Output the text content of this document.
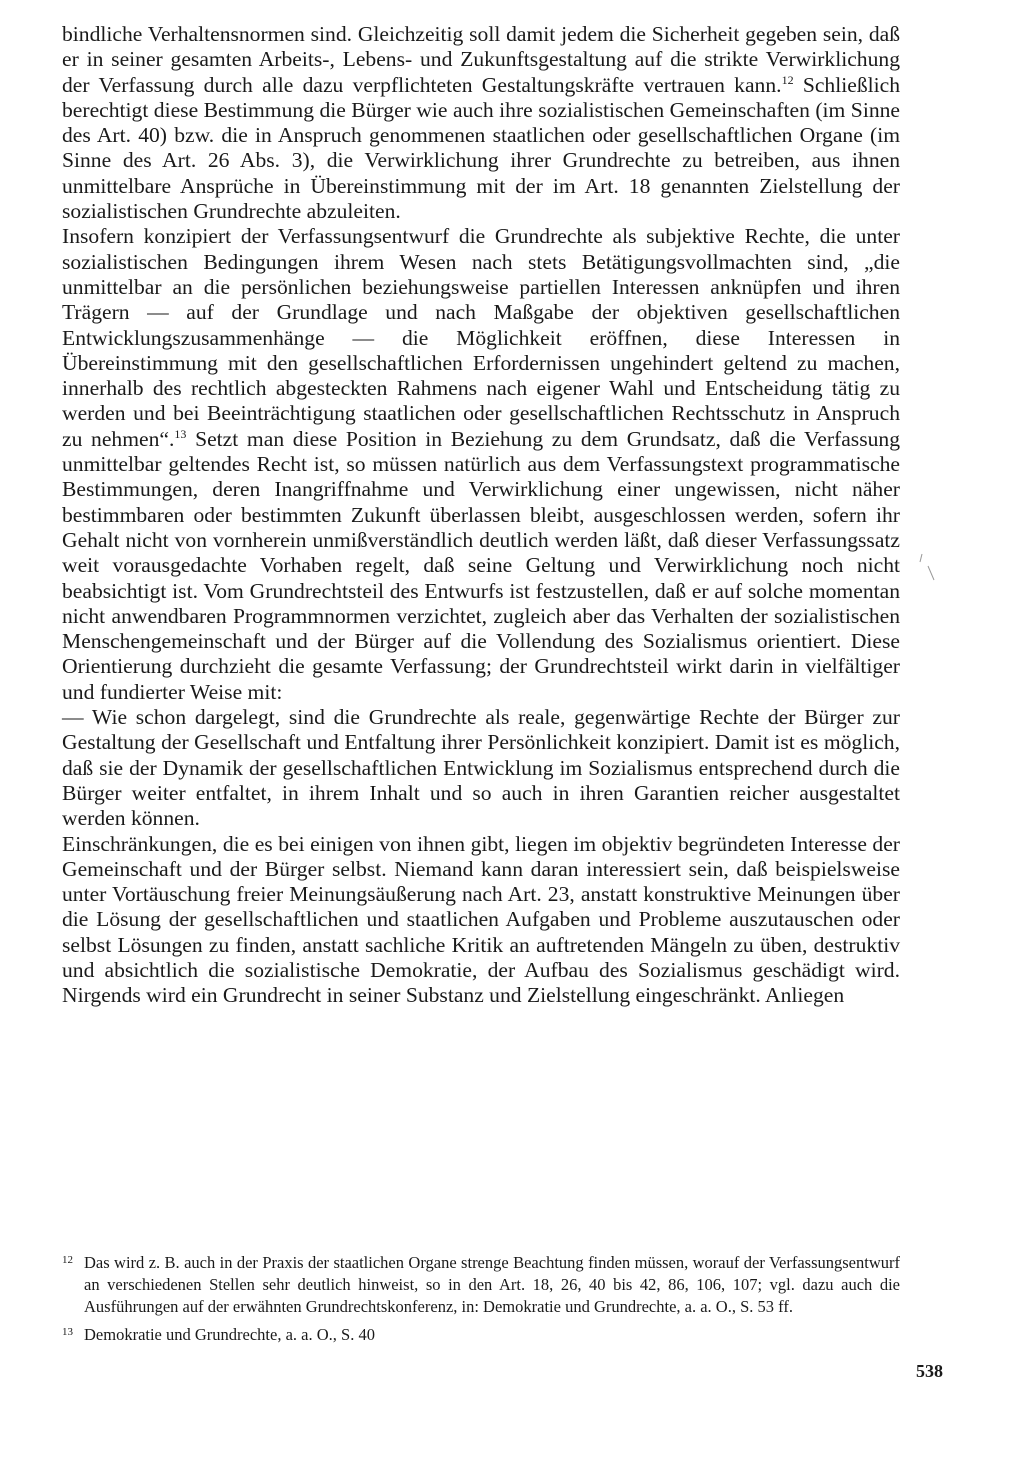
bindliche Verhaltensnormen sind. Gleichzeitig soll damit jedem die Sicherheit gegeben sein, daß er in seiner gesamten Arbeits-, Lebens- und Zukunftsgestaltung auf die strikte Verwirklichung der Verfassung durch alle dazu verpflichteten Gestaltungskräfte vertrauen kann.$^{12}$ Schließlich berechtigt diese Bestimmung die Bürger wie auch ihre sozialistischen Gemeinschaften (im Sinne des Art. 40) bzw. die in Anspruch genommenen staatlichen oder gesellschaftlichen Organe (im Sinne des Art. 26 Abs. 3), die Verwirklichung ihrer Grundrechte zu betreiben, aus ihnen unmittelbare Ansprüche in Übereinstimmung mit der im Art. 18 genannten Zielstellung der sozialistischen Grundrechte abzuleiten.

Insofern konzipiert der Verfassungsentwurf die Grundrechte als subjektive Rechte, die unter sozialistischen Bedingungen ihrem Wesen nach stets Betätigungsvollmachten sind, „die unmittelbar an die persönlichen beziehungsweise partiellen Interessen anknüpfen und ihren Trägern — auf der Grundlage und nach Maßgabe der objektiven gesellschaftlichen Entwicklungszusammenhänge — die Möglichkeit eröffnen, diese Interessen in Übereinstimmung mit den gesellschaftlichen Erfordernissen ungehindert geltend zu machen, innerhalb des rechtlich abgesteckten Rahmens nach eigener Wahl und Entscheidung tätig zu werden und bei Beeinträchtigung staatlichen oder gesellschaftlichen Rechtsschutz in Anspruch zu nehmen“.$^{13}$ Setzt man diese Position in Beziehung zu dem Grundsatz, daß die Verfassung unmittelbar geltendes Recht ist, so müssen natürlich aus dem Verfassungstext programmatische Bestimmungen, deren Inangriffnahme und Verwirklichung einer ungewissen, nicht näher bestimmbaren oder bestimmten Zukunft überlassen bleibt, ausgeschlossen werden, sofern ihr Gehalt nicht von vornherein unmißverständlich deutlich werden läßt, daß dieser Verfassungssatz weit vorausgedachte Vorhaben regelt, daß seine Geltung und Verwirklichung noch nicht beabsichtigt ist. Vom Grundrechtsteil des Entwurfs ist festzustellen, daß er auf solche momentan nicht anwendbaren Programmnormen verzichtet, zugleich aber das Verhalten der sozialistischen Menschengemeinschaft und der Bürger auf die Vollendung des Sozialismus orientiert. Diese Orientierung durchzieht die gesamte Verfassung; der Grundrechtsteil wirkt darin in vielfältiger und fundierter Weise mit:

— Wie schon dargelegt, sind die Grundrechte als reale, gegenwärtige Rechte der Bürger zur Gestaltung der Gesellschaft und Entfaltung ihrer Persönlichkeit konzipiert. Damit ist es möglich, daß sie der Dynamik der gesellschaftlichen Entwicklung im Sozialismus entsprechend durch die Bürger weiter entfaltet, in ihrem Inhalt und so auch in ihren Garantien reicher ausgestaltet werden können.

Einschränkungen, die es bei einigen von ihnen gibt, liegen im objektiv begründeten Interesse der Gemeinschaft und der Bürger selbst. Niemand kann daran interessiert sein, daß beispielsweise unter Vortäuschung freier Meinungsäußerung nach Art. 23, anstatt konstruktive Meinungen über die Lösung der gesellschaftlichen und staatlichen Aufgaben und Probleme auszutauschen oder selbst Lösungen zu finden, anstatt sachliche Kritik an auftretenden Mängeln zu üben, destruktiv und absichtlich die sozialistische Demokratie, der Aufbau des Sozialismus geschädigt wird. Nirgends wird ein Grundrecht in seiner Substanz und Zielstellung eingeschränkt. Anliegen

12 Das wird z. B. auch in der Praxis der staatlichen Organe strenge Beachtung finden müssen, worauf der Verfassungsentwurf an verschiedenen Stellen sehr deutlich hinweist, so in den Art. 18, 26, 40 bis 42, 86, 106, 107; vgl. dazu auch die Ausführungen auf der erwähnten Grundrechtskonferenz, in: Demokratie und Grundrechte, a. a. O., S. 53 ff.
13 Demokratie und Grundrechte, a. a. O., S. 40
538
